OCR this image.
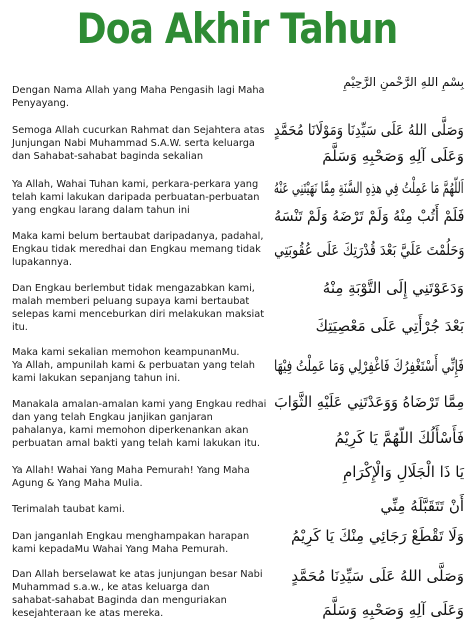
Doa Akhir Tahun
Dengan Nama Allah yang Maha Pengasih lagi Maha
Penyayang.
Semoga Allah cucurkan Rahmat dan Sejahtera atas
Junjungan Nabi Muhammad S.A.W. serta keluarga
dan Sahabat-sahabat baginda sekalian
Ya Allah, Wahai Tuhan kami, perkara-perkara yang
telah kami lakukan daripada perbuatan-perbuatan
yang engkau larang dalam tahun ini
Maka kami belum bertaubat daripadanya, padahal,
Engkau tidak meredhai dan Engkau memang tidak
lupakannya.
Dan Engkau berlembut tidak mengazabkan kami,
malah memberi peluang supaya kami bertaubat
selepas kami menceburkan diri melakukan maksiat
itu.
Maka kami sekalian memohon keampunanMu.
Ya Allah, ampunilah kami & perbuatan yang telah
kami lakukan sepanjang tahun ini.
Manakala amalan-amalan kami yang Engkau redhai
dan yang telah Engkau janjikan ganjaran
pahalanya, kami memohon diperkenankan akan
perbuatan amal bakti yang telah kami lakukan itu.
Ya Allah! Wahai Yang Maha Pemurah! Yang Maha
Agung & Yang Maha Mulia.
Terimalah taubat kami.
Dan janganlah Engkau menghampakan harapan
kami kepadaMu Wahai Yang Maha Pemurah.
Dan Allah berselawat ke atas junjungan besar Nabi
Muhammad s.a.w., ke atas keluarga dan
sahabat-sahabat Baginda dan menguriakan
kesejahteraan ke atas mereka.
بِسْمِ اللهِ الرَّحْمنِ الرَّحِيْمِ
وَصَلَّى اللهُ عَلَى سَيِّدِنَا وَمَوْلَانَا مُحَمَّدٍ
وَعَلَى آلِهِ وَصَحْبِهِ وَسَلَّمَ
اَللّهُمَّ مَا عَمِلْتُ فِي هذِهِ السَّنَةِ مِمَّا نَهَيْتَنِي عَنْهُ
فَلَمْ أَتُبْ مِنْهُ وَلَمْ تَرْضَهُ وَلَمْ تَنْسَهُ
وَحَلُمْتَ عَلَيَّ بَعْدَ قُدْرَتِكَ عَلَى عُقُوبَتِي
وَدَعَوْتَنِي إِلَى التَّوْبَةِ مِنْهُ
بَعْدَ جُرْأَتِي عَلَى مَعْصِيَتِكَ
فَإِنِّي أَسْتَغْفِرُكَ فَاغْفِرْلِي وَمَا عَمِلْتُ فِيْهَا
مِمَّا تَرْضَاهُ وَوَعَدْتَنِي عَلَيْهِ الثَّوَابَ
فَأَسْأَلُكَ اللّهُمَّ يَا كَرِيْمُ
يَا ذَا الْجَلَالِ وَالْإِكْرَامِ
أَنْ تَتَقَبَّلَهُ مِنِّي
وَلَا تَقْطَعْ رَجَائِي مِنْكَ يَا كَرِيْمُ
وَصَلَّى اللهُ عَلَى سَيِّدِنَا مُحَمَّدٍ
وَعَلَى آلِهِ وَصَحْبِهِ وَسَلَّمَ
